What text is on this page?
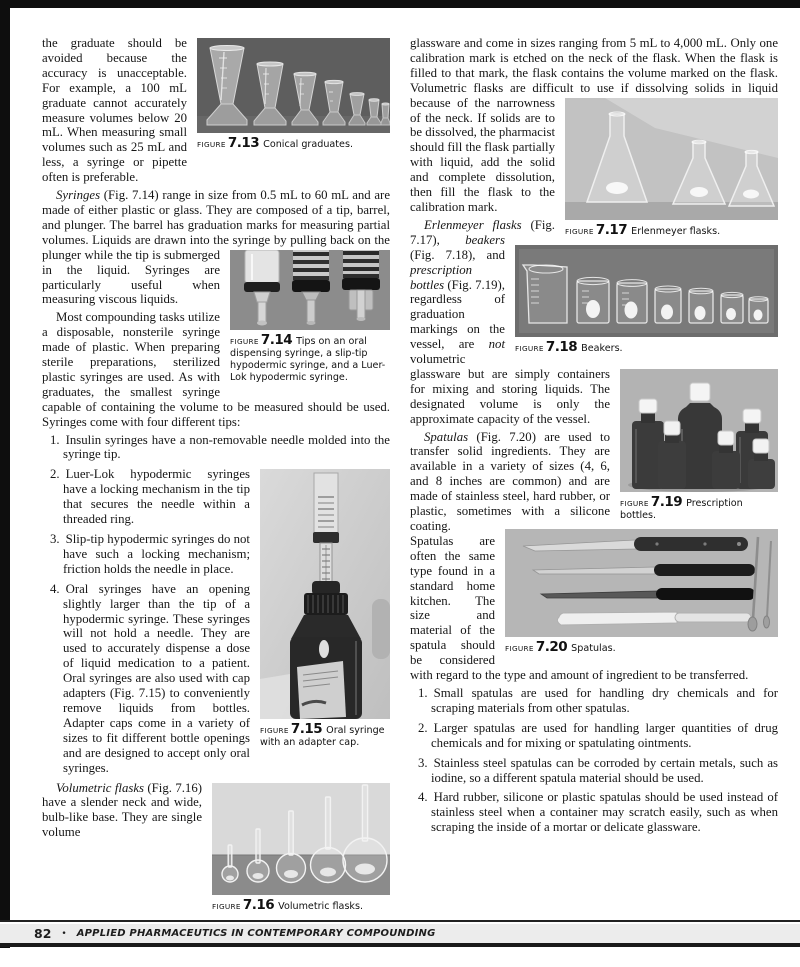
FIGURE 7.13 Conical graduates.
the graduate should be avoided because the accuracy is unacceptable. For example, a 100 mL graduate cannot accurately measure volumes below 20 mL. When measuring small volumes such as 25 mL and less, a syringe or pipette often is preferable.
Syringes (Fig. 7.14) range in size from 0.5 mL to 60 mL and are made of either plastic or glass. They are composed of a tip, barrel, and plunger. The barrel has graduation marks for measuring partial volumes. Liquids are drawn into the syringe
FIGURE 7.14 Tips on an oral dispensing syringe, a slip-tip hypodermic syringe, and a Luer-Lok hypodermic syringe.
by pulling back on the plunger while the tip is submerged in the liquid. Syringes are particularly useful when measuring viscous liquids.
Most compounding tasks utilize a disposable, nonsterile syringe made of plastic. When preparing sterile preparations, sterilized plastic syringes are used. As with graduates, the smallest syringe capable of containing the volume to be measured should be used. Syringes come with four different tips:
1. Insulin syringes have a non-removable needle molded into the syringe tip.
FIGURE 7.15 Oral syringe with an adapter cap.
2. Luer-Lok hypodermic syringes have a locking mechanism in the tip that secures the needle within a threaded ring.
3. Slip-tip hypodermic syringes do not have such a locking mechanism; friction holds the needle in place.
4. Oral syringes have an opening slightly larger than the tip of a hypodermic syringe. These syringes will not hold a needle. They are used to accurately dispense a dose of liquid medication to a patient. Oral syringes are also used with cap adapters (Fig. 7.15) to conveniently remove liquids from bottles. Adapter caps come in a variety of sizes to fit different bottle openings and are designed to accept only oral syringes.
FIGURE 7.16 Volumetric flasks.
Volumetric flasks (Fig. 7.16) have a slender neck and wide, bulb-like base. They are single volume
glassware and come in sizes ranging from 5 mL to 4,000 mL. Only one calibration mark is etched on the neck of the flask. When the flask is filled to that mark, the flask contains the volume marked on the flask. Volumetric flasks are difficult to use
FIGURE 7.17 Erlenmeyer flasks.
if dissolving solids in liquid because of the narrowness of the neck. If solids are to be dissolved, the pharmacist should fill the flask partially with liquid, add the solid and complete dissolution, then fill the flask to the calibration mark.
FIGURE 7.18 Beakers.
Erlenmeyer flasks (Fig. 7.17), beakers (Fig. 7.18), and prescription bottles (Fig. 7.19), regardless of graduation markings on the vessel, are not volumetric
FIGURE 7.19 Prescription bottles.
glassware but are simply containers for mixing and storing liquids. The designated volume is only the approximate capacity of the vessel.
Spatulas (Fig. 7.20) are used to transfer solid ingredients. They are available in a variety of sizes (4, 6, and 8
FIGURE 7.20 Spatulas.
inches are common) and are made of stainless steel, hard rubber, or plastic, sometimes with a silicone coating. Spatulas are often the same type found in a standard home kitchen. The size and material of the spatula should be considered with regard to the type and amount of ingredient to be transferred.
1. Small spatulas are used for handling dry chemicals and for scraping materials from other spatulas.
2. Larger spatulas are used for handling larger quantities of drug chemicals and for mixing or spatulating ointments.
3. Stainless steel spatulas can be corroded by certain metals, such as iodine, so a different spatula material should be used.
4. Hard rubber, silicone or plastic spatulas should be used instead of stainless steel when a container may scratch easily, such as when scraping the inside of a mortar or delicate glassware.
82	•	APPLIED PHARMACEUTICS IN CONTEMPORARY COMPOUNDING
